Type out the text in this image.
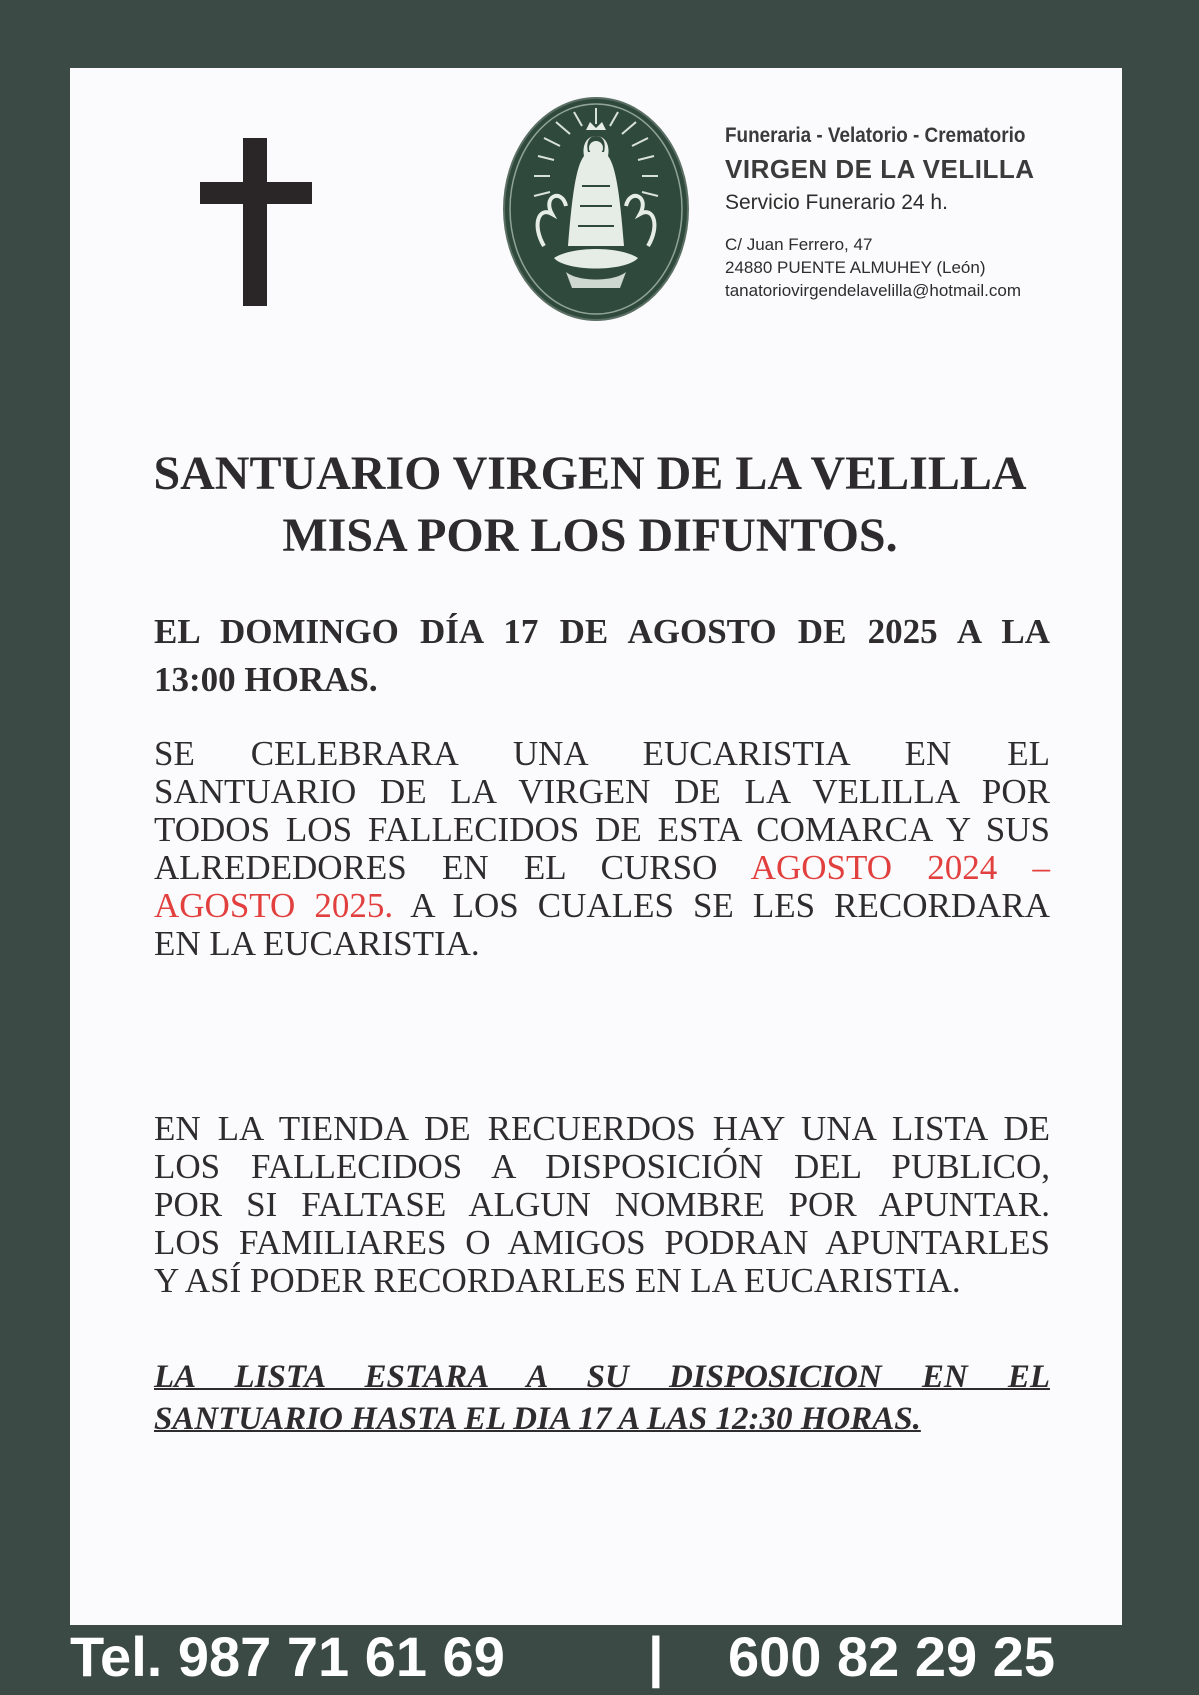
Funeraria - Velatorio - Crematorio
VIRGEN DE LA VELILLA
Servicio Funerario 24 h.
C/ Juan Ferrero, 47
24880 PUENTE ALMUHEY (León)
tanatoriovirgendelavelilla@hotmail.com
SANTUARIO VIRGEN DE LA VELILLA
MISA POR LOS DIFUNTOS.
EL DOMINGO DÍA 17 DE AGOSTO DE 2025 A LA
13:00 HORAS.
SE CELEBRARA UNA EUCARISTIA EN EL
SANTUARIO DE LA VIRGEN DE LA VELILLA POR
TODOS LOS FALLECIDOS DE ESTA COMARCA Y SUS
ALREDEDORES EN EL CURSO AGOSTO 2024 –
AGOSTO 2025. A LOS CUALES SE LES RECORDARA
EN LA EUCARISTIA.
EN LA TIENDA DE RECUERDOS HAY UNA LISTA DE
LOS FALLECIDOS A DISPOSICIÓN DEL PUBLICO,
POR SI FALTASE ALGUN NOMBRE POR APUNTAR.
LOS FAMILIARES O AMIGOS PODRAN APUNTARLES
Y ASÍ PODER RECORDARLES EN LA EUCARISTIA.
LA LISTA ESTARA A SU DISPOSICION EN EL
SANTUARIO HASTA EL DIA 17 A LAS 12:30 HORAS.
Tel. 987 71 61 69	| 600 82 29 25
